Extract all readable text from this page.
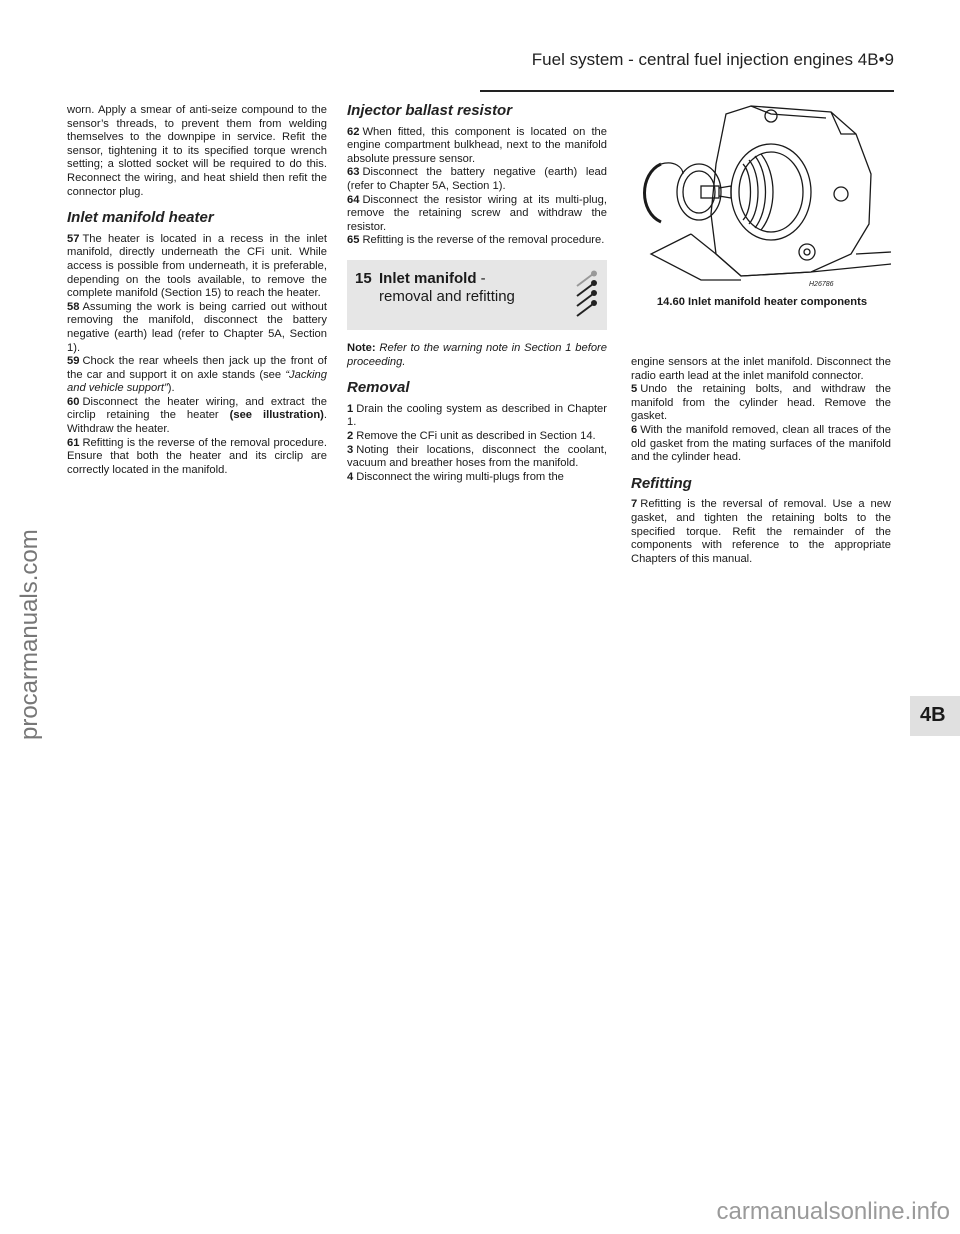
Fuel system - central fuel injection engines 4B•9

worn. Apply a smear of anti-seize compound to the sensor’s threads, to prevent them from welding themselves to the downpipe in service. Refit the sensor, tightening it to its specified torque wrench setting; a slotted socket will be required to do this. Reconnect the wiring, and heat shield then refit the connector plug.

Inlet manifold heater

57 The heater is located in a recess in the inlet manifold, directly underneath the CFi unit. While access is possible from underneath, it is preferable, depending on the tools available, to remove the complete manifold (Section 15) to reach the heater.

58 Assuming the work is being carried out without removing the manifold, disconnect the battery negative (earth) lead (refer to Chapter 5A, Section 1).

59 Chock the rear wheels then jack up the front of the car and support it on axle stands (see “Jacking and vehicle support”).

60 Disconnect the heater wiring, and extract the circlip retaining the heater (see illustration). Withdraw the heater.

61 Refitting is the reverse of the removal procedure. Ensure that both the heater and its circlip are correctly located in the manifold.

Injector ballast resistor

62 When fitted, this component is located on the engine compartment bulkhead, next to the manifold absolute pressure sensor.

63 Disconnect the battery negative (earth) lead (refer to Chapter 5A, Section 1).

64 Disconnect the resistor wiring at its multi-plug, remove the retaining screw and withdraw the resistor.

65 Refitting is the reverse of the removal procedure.

15 Inlet manifold -
removal and refitting

Note: Refer to the warning note in Section 1 before proceeding.

Removal

1 Drain the cooling system as described in Chapter 1.

2 Remove the CFi unit as described in Section 14.

3 Noting their locations, disconnect the coolant, vacuum and breather hoses from the manifold.

4 Disconnect the wiring multi-plugs from the

H26786
14.60 Inlet manifold heater components

engine sensors at the inlet manifold. Disconnect the radio earth lead at the inlet manifold connector.

5 Undo the retaining bolts, and withdraw the manifold from the cylinder head. Remove the gasket.

6 With the manifold removed, clean all traces of the old gasket from the mating surfaces of the manifold and the cylinder head.

Refitting

7 Refitting is the reversal of removal. Use a new gasket, and tighten the retaining bolts to the specified torque. Refit the remainder of the components with reference to the appropriate Chapters of this manual.

4B
procarmanuals.com
carmanualsonline.info
